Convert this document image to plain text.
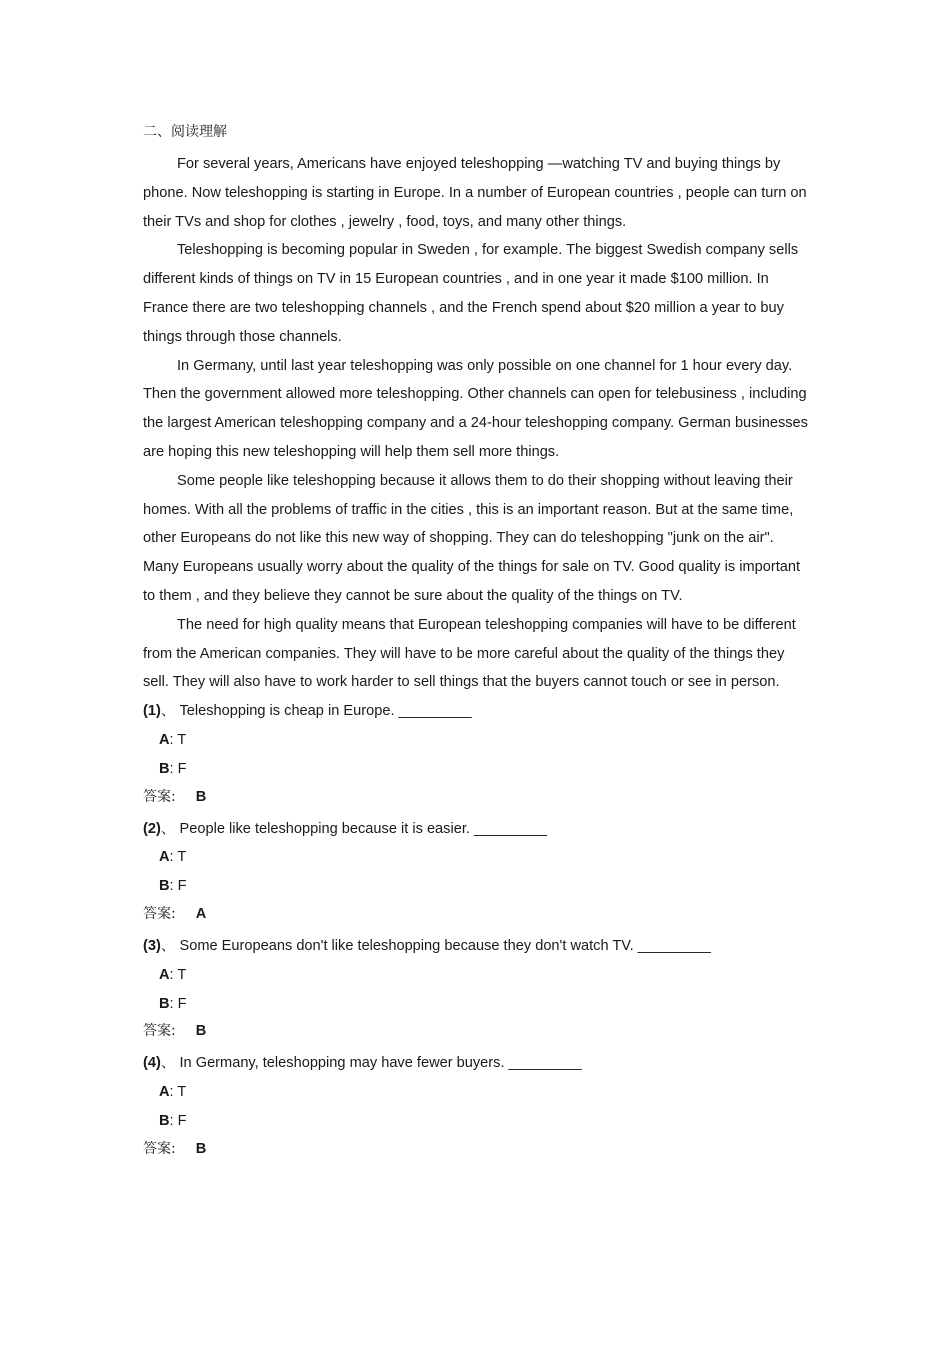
二、阅读理解

For several years, Americans have enjoyed teleshopping —watching TV and buying things by phone. Now teleshopping is starting in Europe. In a number of European countries , people can turn on their TVs and shop for clothes , jewelry , food, toys, and many other things.

Teleshopping is becoming popular in Sweden , for example. The biggest Swedish company sells different kinds of things on TV in 15 European countries , and in one year it made $100 million. In France there are two teleshopping channels , and the French spend about $20 million a year to buy things through those channels.

In Germany, until last year teleshopping was only possible on one channel for 1 hour every day. Then the government allowed more teleshopping. Other channels can open for telebusiness , including the largest American teleshopping company and a 24-hour teleshopping company. German businesses are hoping this new teleshopping will help them sell more things.

Some people like teleshopping because it allows them to do their shopping without leaving their homes. With all the problems of traffic in the cities , this is an important reason. But at the same time, other Europeans do not like this new way of shopping. They can do teleshopping "junk on the air". Many Europeans usually worry about the quality of the things for sale on TV. Good quality is important to them , and they believe they cannot be sure about the quality of the things on TV.

The need for high quality means that European teleshopping companies will have to be different from the American companies. They will have to be more careful about the quality of the things they sell. They will also have to work harder to sell things that the buyers cannot touch or see in person.

(1)、 Teleshopping is cheap in Europe. _________
A: T
B: F
答案: B
(2)、 People like teleshopping because it is easier. _________
A: T
B: F
答案: A
(3)、 Some Europeans don't like teleshopping because they don't watch TV. _________
A: T
B: F
答案: B
(4)、 In Germany, teleshopping may have fewer buyers. _________
A: T
B: F
答案: B
